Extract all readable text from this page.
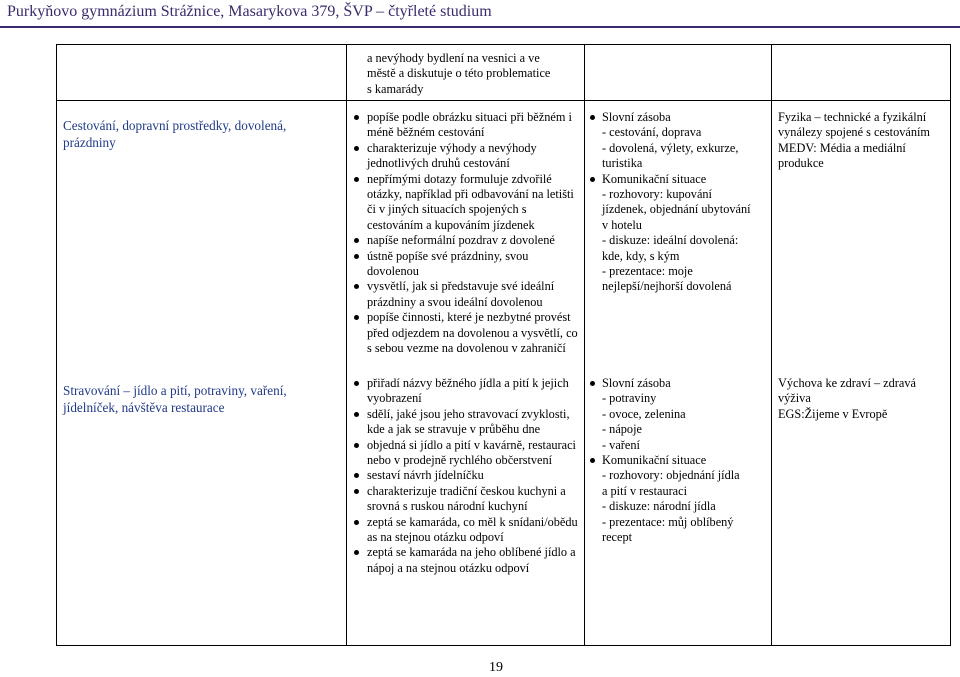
Purkyňovo gymnázium Strážnice, Masarykova 379, ŠVP – čtyřleté studium
a nevýhody bydlení na vesnici a ve
městě a diskutuje o této problematice
s kamarády
Cestování, dopravní prostředky, dovolená, prázdniny
popíše podle obrázku situaci při běžném i méně běžném cestování
charakterizuje výhody a nevýhody jednotlivých druhů cestování
nepřímými dotazy formuluje zdvořilé otázky, například při odbavování na letišti či v jiných situacích spojených s cestováním a kupováním jízdenek
napíše neformální pozdrav z dovolené
ústně popíše své prázdniny, svou dovolenou
vysvětlí, jak si představuje své ideální prázdniny a svou ideální dovolenou
popíše činnosti, které je nezbytné provést před odjezdem na dovolenou a vysvětlí, co s sebou vezme na dovolenou v zahraničí
Slovní zásoba
- cestování, doprava
- dovolená, výlety, exkurze,
turistika
Komunikační situace
- rozhovory: kupování
jízdenek, objednání ubytování
v hotelu
- diskuze: ideální dovolená:
kde, kdy, s kým
- prezentace: moje
nejlepší/nejhorší dovolená
Fyzika – technické a fyzikální
vynálezy spojené s cestováním
MEDV: Média a mediální
produkce
Stravování – jídlo a pití, potraviny, vaření, jídelníček, návštěva restaurace
přiřadí názvy běžného jídla a pití k jejich vyobrazení
sdělí, jaké jsou jeho stravovací zvyklosti, kde a jak se stravuje v průběhu dne
objedná si jídlo a pití v kavárně, restauraci nebo v prodejně rychlého občerstvení
sestaví návrh jídelníčku
charakterizuje tradiční českou kuchyni a srovná s ruskou národní kuchyní
zeptá se kamaráda, co měl k snídani/obědu as na stejnou otázku odpoví
zeptá se kamaráda na jeho oblíbené jídlo a nápoj a na stejnou otázku odpoví
Slovní zásoba
- potraviny
- ovoce, zelenina
- nápoje
- vaření
Komunikační situace
- rozhovory: objednání jídla
a pití v restauraci
- diskuze: národní jídla
- prezentace: můj oblíbený
recept
Výchova ke zdraví – zdravá
výživa
EGS:Žijeme v Evropě
19
